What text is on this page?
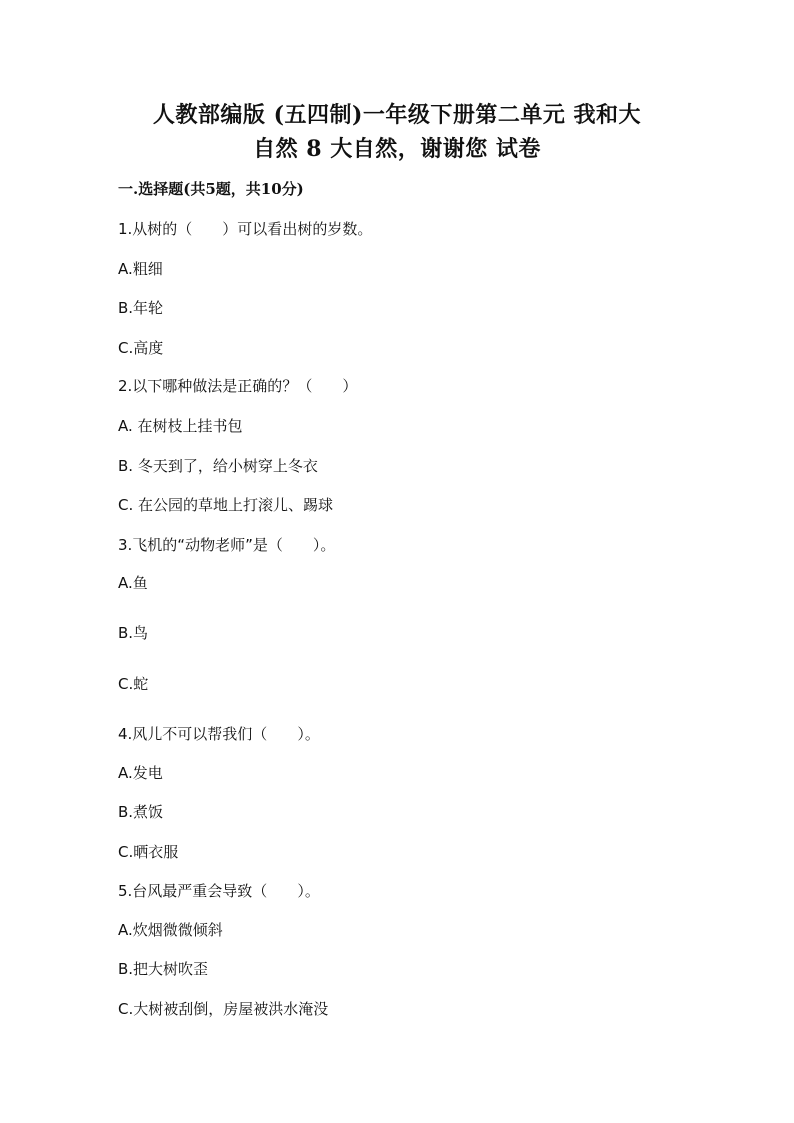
人教部编版 (五四制)一年级下册第二单元 我和大
自然 8 大自然，谢谢您 试卷
一.选择题(共5题，共10分)
1.从树的（　　）可以看出树的岁数。
A.粗细
B.年轮
C.高度
2.以下哪种做法是正确的？（　　）
A. 在树枝上挂书包
B. 冬天到了，给小树穿上冬衣
C. 在公园的草地上打滚儿、踢球
3.飞机的“动物老师”是（　　）。
A.鱼
B.鸟
C.蛇
4.风儿不可以帮我们（　　）。
A.发电
B.煮饭
C.晒衣服
5.台风最严重会导致（　　）。
A.炊烟微微倾斜
B.把大树吹歪
C.大树被刮倒，房屋被洪水淹没
